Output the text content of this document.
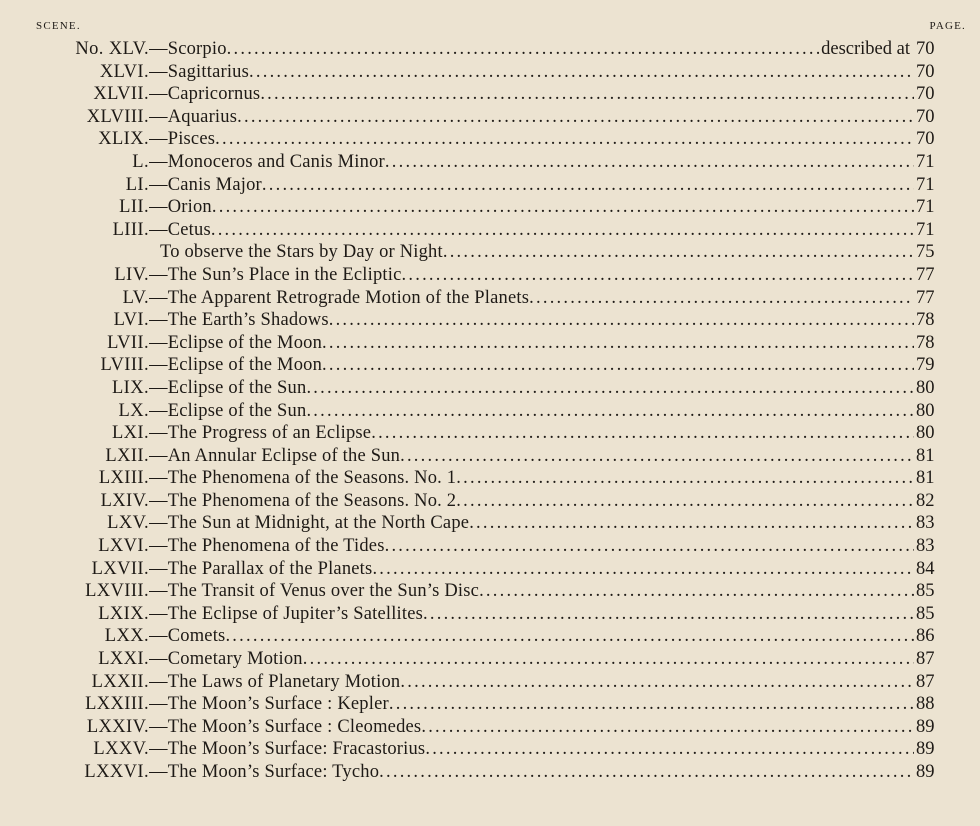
SCENE.	PAGE.
No. XLV. —Scorpio . . .	described at 70
XLVI. —Sagittarius . . .	70
XLVII. —Capricornus . . .	70
XLVIII. —Aquarius . . .	70
XLIX. —Pisces . . .	70
L. —Monoceros and Canis Minor . . .	71
LI. —Canis Major . . .	71
LII. —Orion . . .	71
LIII. —Cetus . . .	71
To observe the Stars by Day or Night . . .	75
LIV. —The Sun’s Place in the Ecliptic . . .	77
LV. —The Apparent Retrograde Motion of the Planets . . .	77
LVI. —The Earth’s Shadows . . .	78
LVII. —Eclipse of the Moon . . .	78
LVIII. —Eclipse of the Moon . . .	79
LIX. —Eclipse of the Sun . . .	80
LX. —Eclipse of the Sun . . .	80
LXI. —The Progress of an Eclipse . . .	80
LXII. —An Annular Eclipse of the Sun . . .	81
LXIII. —The Phenomena of the Seasons. No. 1 . . .	81
LXIV. —The Phenomena of the Seasons. No. 2 . . .	82
LXV. —The Sun at Midnight, at the North Cape . . .	83
LXVI. —The Phenomena of the Tides . . .	83
LXVII. —The Parallax of the Planets . . .	84
LXVIII. —The Transit of Venus over the Sun’s Disc . . .	85
LXIX. —The Eclipse of Jupiter’s Satellites . . .	85
LXX. —Comets . . .	86
LXXI. —Cometary Motion . . .	87
LXXII. —The Laws of Planetary Motion . . .	87
LXXIII. —The Moon’s Surface : Kepler . . .	88
LXXIV. —The Moon’s Surface : Cleomedes . . .	89
LXXV. —The Moon’s Surface: Fracastorius . . .	89
LXXVI. —The Moon’s Surface: Tycho . . .	89
